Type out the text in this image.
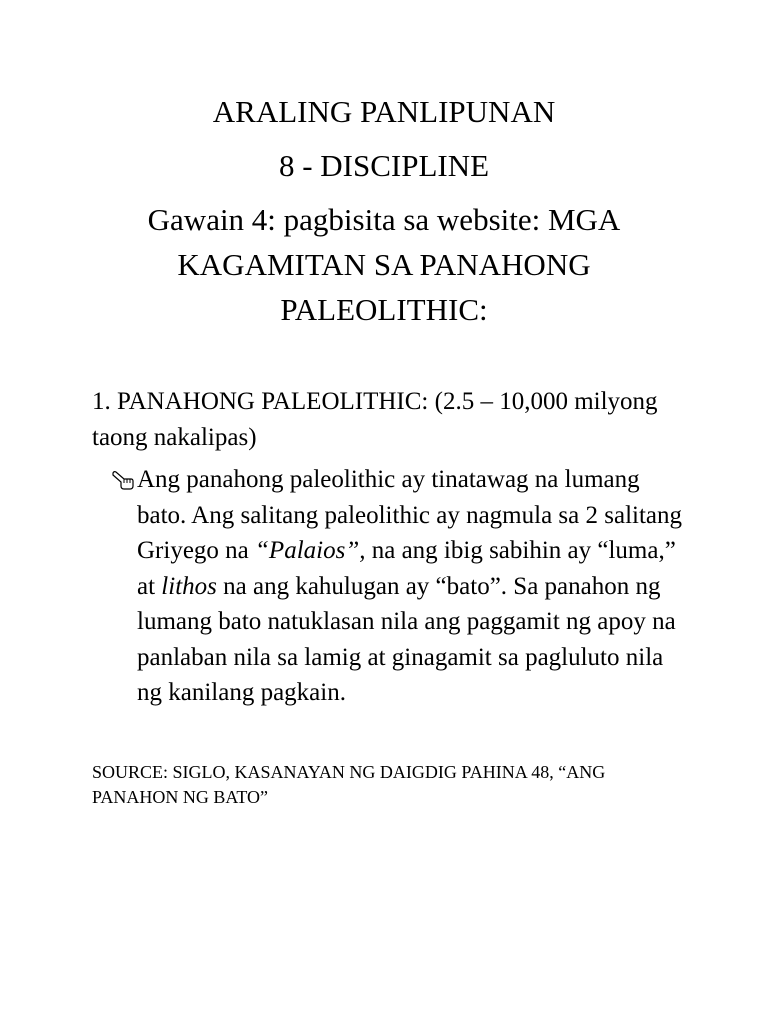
ARALING PANLIPUNAN
8 - DISCIPLINE
Gawain 4: pagbisita sa website: MGA KAGAMITAN SA PANAHONG PALEOLITHIC:

1. PANAHONG PALEOLITHIC: (2.5 – 10,000 milyong taong nakalipas)

Ang panahong paleolithic ay tinatawag na lumang bato. Ang salitang paleolithic ay nagmula sa 2 salitang Griyego na “Palaios”, na ang ibig sabihin ay “luma,” at lithos na ang kahulugan ay “bato”. Sa panahon ng lumang bato natuklasan nila ang paggamit ng apoy na panlaban nila sa lamig at ginagamit sa pagluluto nila ng kanilang pagkain.

SOURCE: SIGLO, KASANAYAN NG DAIGDIG PAHINA 48, “ANG PANAHON NG BATO”
